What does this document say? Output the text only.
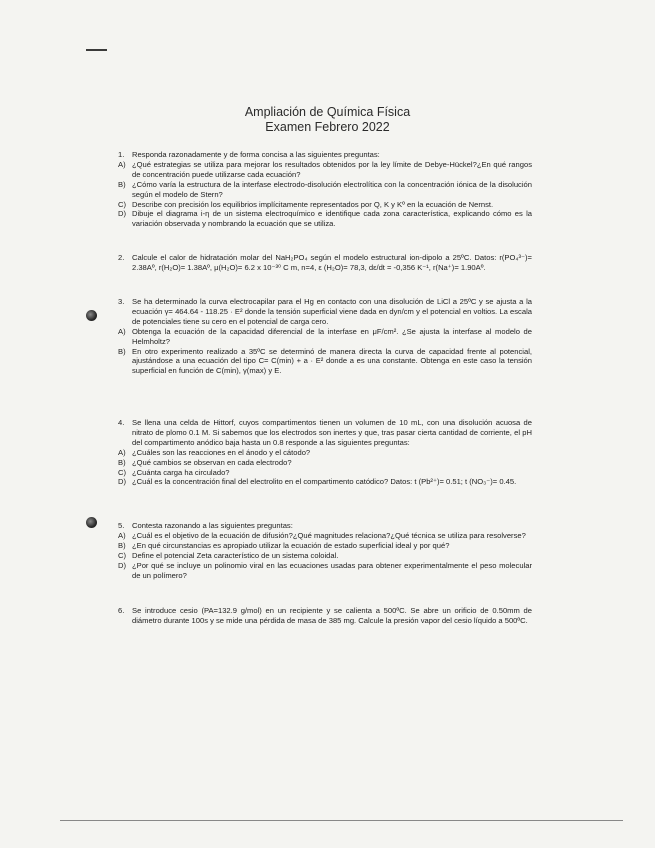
Ampliación de Química Física
Examen Febrero 2022
1. Responda razonadamente y de forma concisa a las siguientes preguntas:
A) ¿Qué estrategias se utiliza para mejorar los resultados obtenidos por la ley límite de Debye-Hückel?¿En qué rangos de concentración puede utilizarse cada ecuación?
B) ¿Cómo varía la estructura de la interfase electrodo-disolución electrolítica con la concentración iónica de la disolución según el modelo de Stern?
C) Describe con precisión los equilibrios implícitamente representados por Q, K y Kº en la ecuación de Nernst.
D) Dibuje el diagrama i-η de un sistema electroquímico e identifique cada zona característica, explicando cómo es la variación observada y nombrando la ecuación que se utiliza.
2. Calcule el calor de hidratación molar del NaH₂PO₄ según el modelo estructural ion-dipolo a 25ºC. Datos: r(PO₄³⁻)= 2.38Aº, r(H₂O)= 1.38Aº, μ(H₂O)= 6.2 x 10⁻³⁰ C m, n=4, ε (H₂O)= 78,3, dε/dt = -0,356 K⁻¹, r(Na⁺)= 1.90Aº.
3. Se ha determinado la curva electrocapilar para el Hg en contacto con una disolución de LiCl a 25ºC y se ajusta a la ecuación γ= 464.64 - 118.25 · E² donde la tensión superficial viene dada en dyn/cm y el potencial en voltios. La escala de potenciales tiene su cero en el potencial de carga cero.
A) Obtenga la ecuación de la capacidad diferencial de la interfase en μF/cm². ¿Se ajusta la interfase al modelo de Helmholtz?
B) En otro experimento realizado a 35ºC se determinó de manera directa la curva de capacidad frente al potencial, ajustándose a una ecuación del tipo C= C(min) + a · E² donde a es una constante. Obtenga en este caso la tensión superficial en función de C(min), γ(max) y E.
4. Se llena una celda de Hittorf, cuyos compartimentos tienen un volumen de 10 mL, con una disolución acuosa de nitrato de plomo 0.1 M. Si sabemos que los electrodos son inertes y que, tras pasar cierta cantidad de corriente, el pH del compartimento anódico baja hasta un 0.8 responde a las siguientes preguntas:
A) ¿Cuáles son las reacciones en el ánodo y el cátodo?
B) ¿Qué cambios se observan en cada electrodo?
C) ¿Cuánta carga ha circulado?
D) ¿Cuál es la concentración final del electrolito en el compartimento catódico? Datos: t (Pb²⁺)= 0.51; t (NO₃⁻)= 0.45.
5. Contesta razonando a las siguientes preguntas:
A) ¿Cuál es el objetivo de la ecuación de difusión?¿Qué magnitudes relaciona?¿Qué técnica se utiliza para resolverse?
B) ¿En qué circunstancias es apropiado utilizar la ecuación de estado superficial ideal y por qué?
C) Define el potencial Zeta característico de un sistema coloidal.
D) ¿Por qué se incluye un polinomio viral en las ecuaciones usadas para obtener experimentalmente el peso molecular de un polímero?
6. Se introduce cesio (PA=132.9 g/mol) en un recipiente y se calienta a 500ºC. Se abre un orificio de 0.50mm de diámetro durante 100s y se mide una pérdida de masa de 385 mg. Calcule la presión vapor del cesio líquido a 500ºC.
